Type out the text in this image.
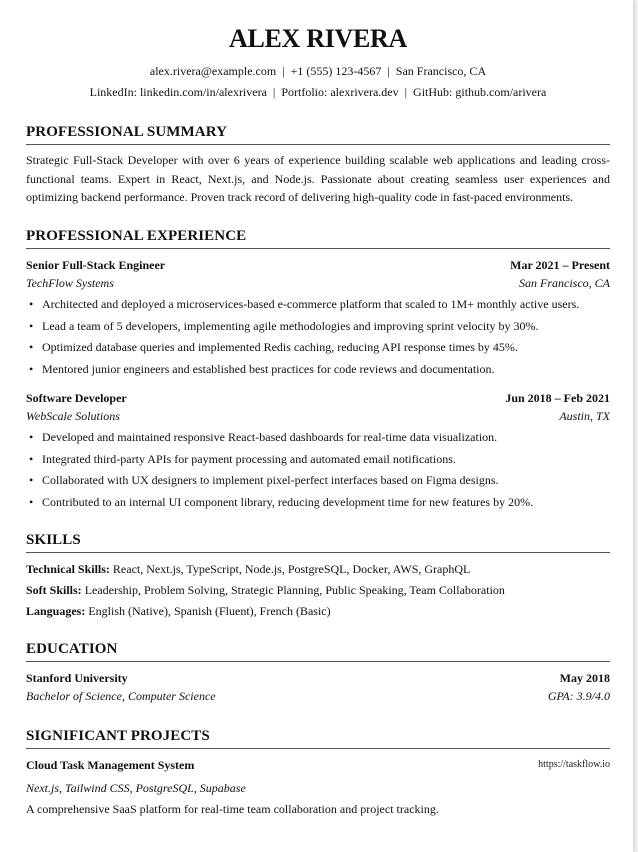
ALEX RIVERA
alex.rivera@example.com | +1 (555) 123-4567 | San Francisco, CA
LinkedIn: linkedin.com/in/alexrivera | Portfolio: alexrivera.dev | GitHub: github.com/arivera
PROFESSIONAL SUMMARY
Strategic Full-Stack Developer with over 6 years of experience building scalable web applications and leading cross-functional teams. Expert in React, Next.js, and Node.js. Passionate about creating seamless user experiences and optimizing backend performance. Proven track record of delivering high-quality code in fast-paced environments.
PROFESSIONAL EXPERIENCE
Senior Full-Stack Engineer	Mar 2021 – Present
TechFlow Systems	San Francisco, CA
• Architected and deployed a microservices-based e-commerce platform that scaled to 1M+ monthly active users.
• Lead a team of 5 developers, implementing agile methodologies and improving sprint velocity by 30%.
• Optimized database queries and implemented Redis caching, reducing API response times by 45%.
• Mentored junior engineers and established best practices for code reviews and documentation.
Software Developer	Jun 2018 – Feb 2021
WebScale Solutions	Austin, TX
• Developed and maintained responsive React-based dashboards for real-time data visualization.
• Integrated third-party APIs for payment processing and automated email notifications.
• Collaborated with UX designers to implement pixel-perfect interfaces based on Figma designs.
• Contributed to an internal UI component library, reducing development time for new features by 20%.
SKILLS
Technical Skills: React, Next.js, TypeScript, Node.js, PostgreSQL, Docker, AWS, GraphQL
Soft Skills: Leadership, Problem Solving, Strategic Planning, Public Speaking, Team Collaboration
Languages: English (Native), Spanish (Fluent), French (Basic)
EDUCATION
Stanford University	May 2018
Bachelor of Science, Computer Science	GPA: 3.9/4.0
SIGNIFICANT PROJECTS
Cloud Task Management System	https://taskflow.io
Next.js, Tailwind CSS, PostgreSQL, Supabase
A comprehensive SaaS platform for real-time team collaboration and project tracking.
